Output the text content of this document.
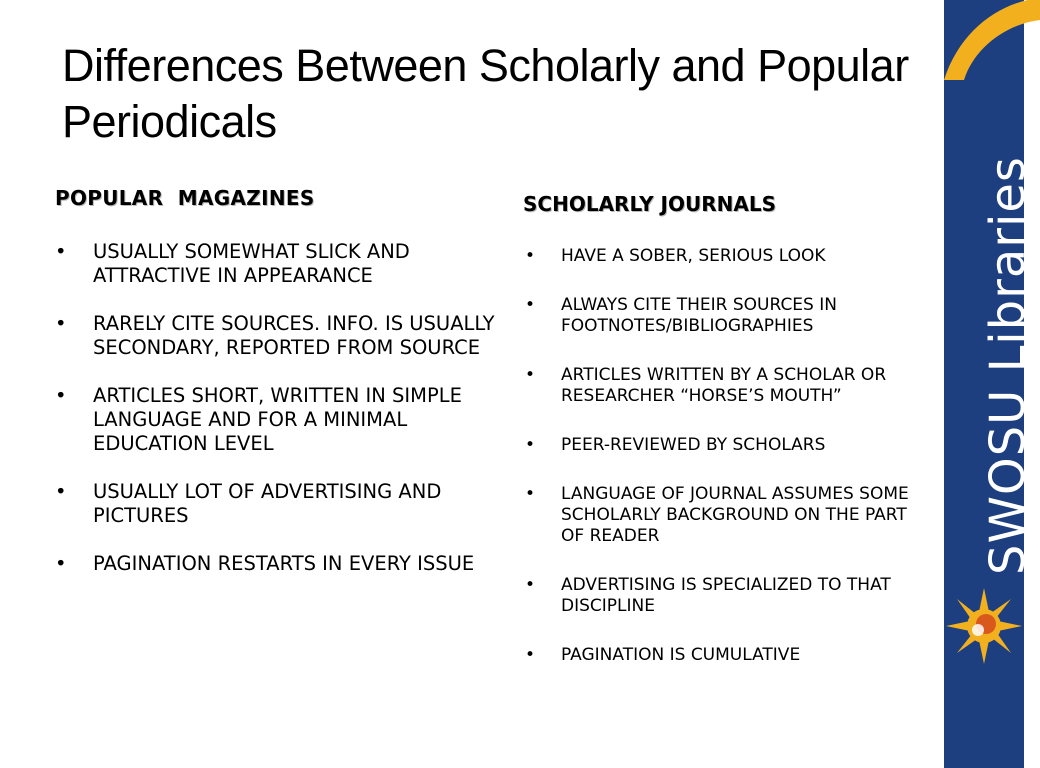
Differences Between Scholarly and Popular Periodicals
POPULAR  MAGAZINES
• USUALLY SOMEWHAT SLICK AND ATTRACTIVE IN APPEARANCE
• RARELY CITE SOURCES. INFO. IS USUALLY SECONDARY, REPORTED FROM SOURCE
• ARTICLES SHORT, WRITTEN IN SIMPLE LANGUAGE AND FOR A MINIMAL EDUCATION LEVEL
• USUALLY LOT OF ADVERTISING AND PICTURES
• PAGINATION RESTARTS IN EVERY ISSUE
SCHOLARLY JOURNALS
• HAVE A SOBER, SERIOUS LOOK
• ALWAYS CITE THEIR SOURCES IN FOOTNOTES/BIBLIOGRAPHIES
• ARTICLES WRITTEN BY A SCHOLAR OR RESEARCHER “HORSE’S MOUTH”
• PEER-REVIEWED BY SCHOLARS
• LANGUAGE OF JOURNAL ASSUMES SOME SCHOLARLY BACKGROUND ON THE PART OF READER
• ADVERTISING IS SPECIALIZED TO THAT DISCIPLINE
• PAGINATION IS CUMULATIVE
SWOSU Libraries
